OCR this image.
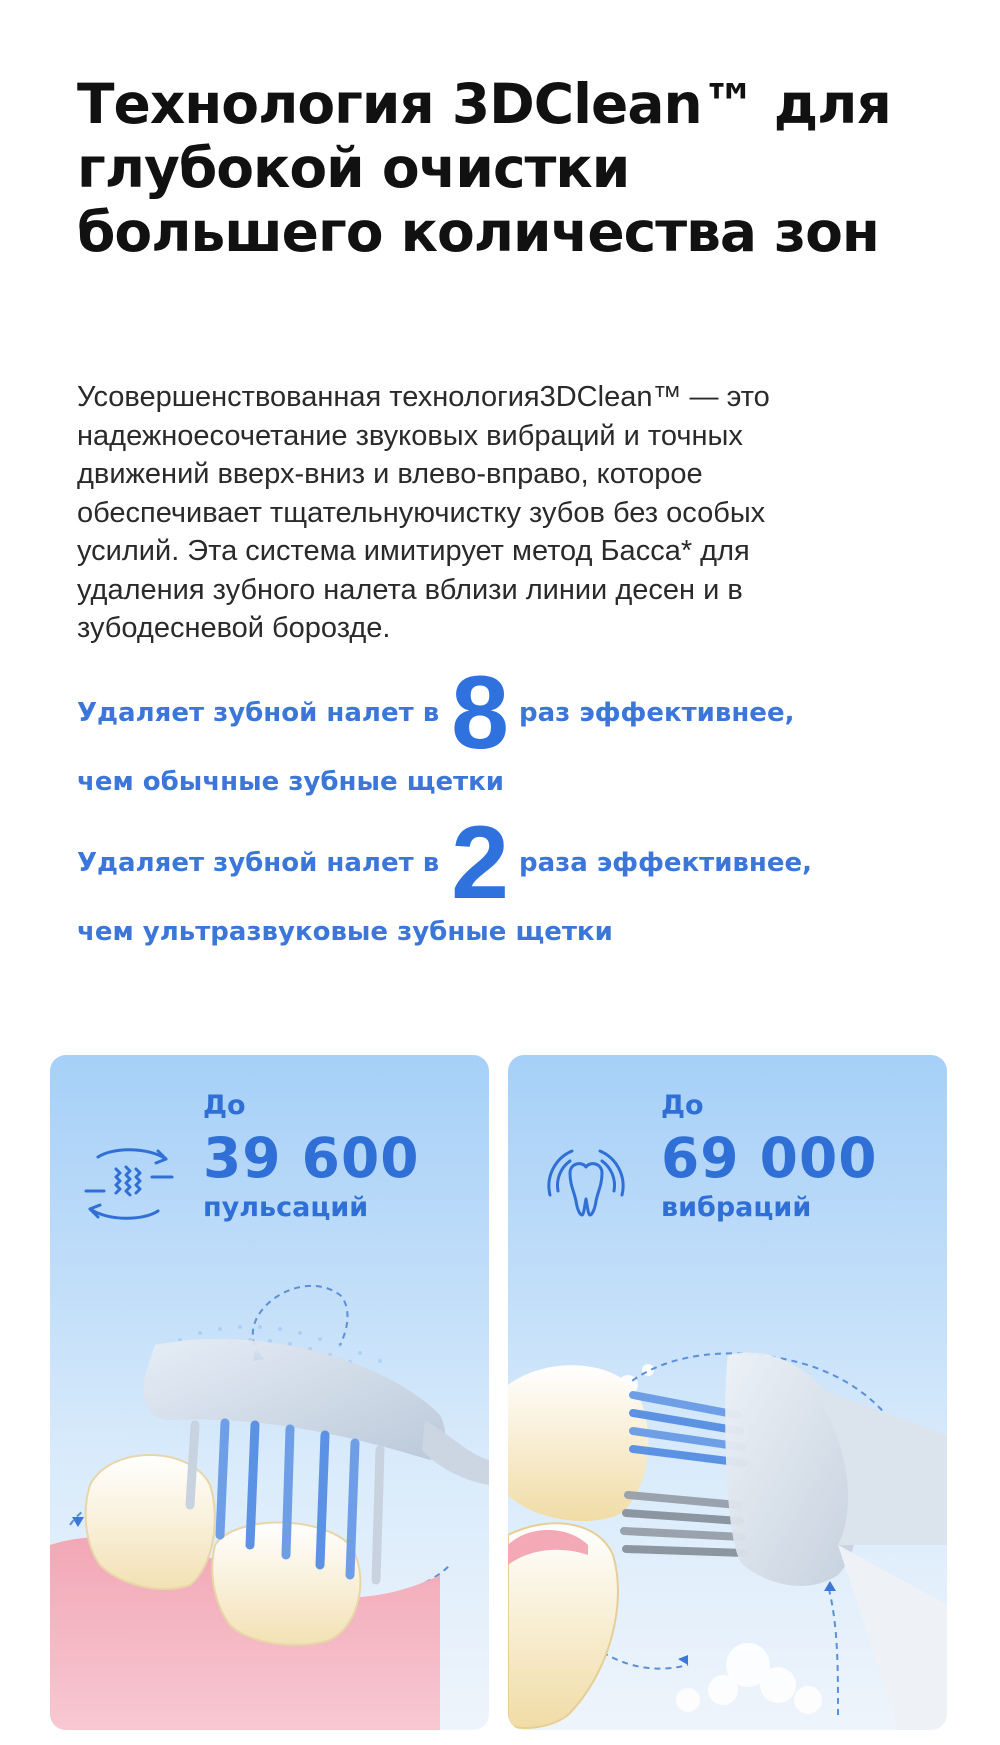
Технология 3DClean™ для
глубокой очистки
большего количества зон
Усовершенствованная технология3DClean™ — это
надежноесочетание звуковых вибраций и точных
движений вверх-вниз и влево-вправо, которое
обеспечивает тщательнуючистку зубов без особых
усилий. Эта система имитирует метод Басса* для
удаления зубного налета вблизи линии десен и в
зубодесневой борозде.
Удаляет зубной налет в 8 раз эффективнее,
чем обычные зубные щетки
Удаляет зубной налет в 2 раза эффективнее,
чем ультразвуковые зубные щетки
До
39 600
пульсаций
До
69 000
вибраций
